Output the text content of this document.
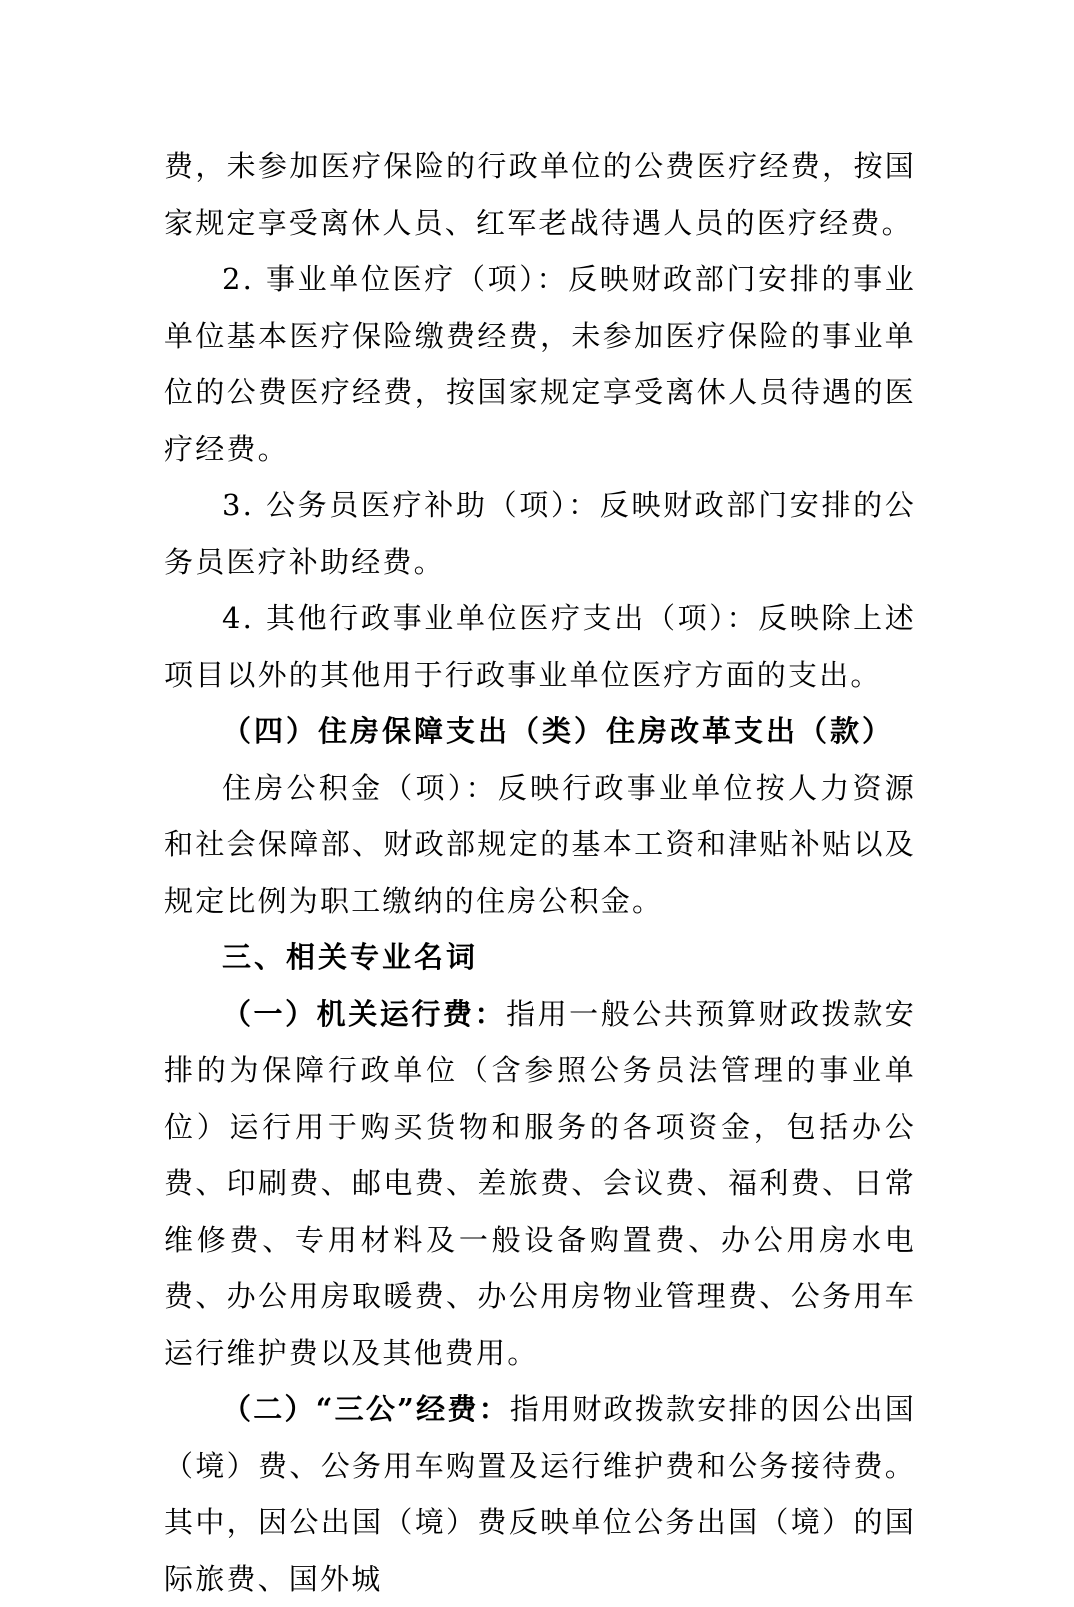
费，未参加医疗保险的行政单位的公费医疗经费，按国家规定享受离休人员、红军老战待遇人员的医疗经费。

2. 事业单位医疗（项）：反映财政部门安排的事业单位基本医疗保险缴费经费，未参加医疗保险的事业单位的公费医疗经费，按国家规定享受离休人员待遇的医疗经费。

3. 公务员医疗补助（项）：反映财政部门安排的公务员医疗补助经费。

4. 其他行政事业单位医疗支出（项）：反映除上述项目以外的其他用于行政事业单位医疗方面的支出。

（四）住房保障支出（类）住房改革支出（款）

住房公积金（项）：反映行政事业单位按人力资源和社会保障部、财政部规定的基本工资和津贴补贴以及规定比例为职工缴纳的住房公积金。

三、相关专业名词

（一）机关运行费：指用一般公共预算财政拨款安排的为保障行政单位（含参照公务员法管理的事业单位）运行用于购买货物和服务的各项资金，包括办公费、印刷费、邮电费、差旅费、会议费、福利费、日常维修费、专用材料及一般设备购置费、办公用房水电费、办公用房取暖费、办公用房物业管理费、公务用车运行维护费以及其他费用。

（二）“三公”经费：指用财政拨款安排的因公出国（境）费、公务用车购置及运行维护费和公务接待费。其中，因公出国（境）费反映单位公务出国（境）的国际旅费、国外城
